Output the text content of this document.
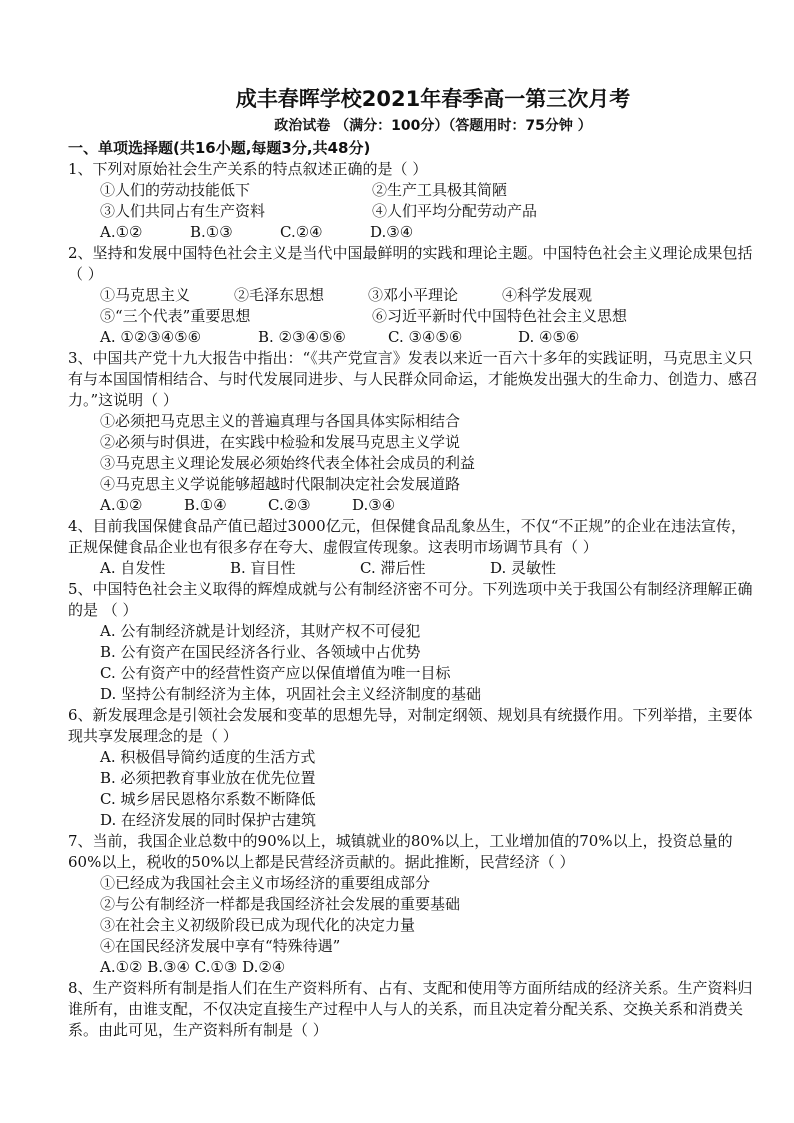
成丰春晖学校2021年春季高一第三次月考
政治试卷 （满分：100分）（答题用时：75分钟 ）
一、单项选择题(共16小题,每题3分,共48分)

1、下列对原始社会生产关系的特点叙述正确的是（ ）

①人们的劳动技能低下	②生产工具极其简陋
③人们共同占有生产资料	④人们平均分配劳动产品
A.①②	B.①③	C.②④	D.③④

2、坚持和发展中国特色社会主义是当代中国最鲜明的实践和理论主题。中国特色社会主义理论成果包括 （ ）

①马克思主义	②毛泽东思想	③邓小平理论	④科学发展观
⑤“三个代表”重要思想	⑥习近平新时代中国特色社会主义思想
A. ①②③④⑤⑥	B. ②③④⑤⑥	C. ③④⑤⑥	D. ④⑤⑥

3、中国共产党十九大报告中指出：“《共产党宣言》发表以来近一百六十多年的实践证明，马克思主义只有与本国国情相结合、与时代发展同进步、与人民群众同命运，才能焕发出强大的生命力、创造力、感召力。”这说明（ ）

①必须把马克思主义的普遍真理与各国具体实际相结合

②必须与时俱进，在实践中检验和发展马克思主义学说

③马克思主义理论发展必须始终代表全体社会成员的利益

④马克思主义学说能够超越时代限制决定社会发展道路

A.①②	B.①④	C.②③	D.③④

4、目前我国保健食品产值已超过3000亿元，但保健食品乱象丛生，不仅“不正规”的企业在违法宣传，正规保健食品企业也有很多存在夸大、虚假宣传现象。这表明市场调节具有（ ）

A. 自发性	B. 盲目性	C. 滞后性	D. 灵敏性

5、中国特色社会主义取得的辉煌成就与公有制经济密不可分。下列选项中关于我国公有制经济理解正确的是 （ ）

A. 公有制经济就是计划经济，其财产权不可侵犯

B. 公有资产在国民经济各行业、各领域中占优势

C. 公有资产中的经营性资产应以保值增值为唯一目标

D. 坚持公有制经济为主体，巩固社会主义经济制度的基础

6、新发展理念是引领社会发展和变革的思想先导，对制定纲领、规划具有统摄作用。下列举措，主要体现共享发展理念的是（ ）

A. 积极倡导简约适度的生活方式

B. 必须把教育事业放在优先位置

C. 城乡居民恩格尔系数不断降低

D. 在经济发展的同时保护古建筑

7、当前，我国企业总数中的90%以上，城镇就业的80%以上，工业增加值的70%以上，投资总量的60%以上，税收的50%以上都是民营经济贡献的。据此推断，民营经济（ ）

①已经成为我国社会主义市场经济的重要组成部分

②与公有制经济一样都是我国经济社会发展的重要基础

③在社会主义初级阶段已成为现代化的决定力量

④在国民经济发展中享有“特殊待遇”

A.①② B.③④ C.①③ D.②④

8、生产资料所有制是指人们在生产资料所有、占有、支配和使用等方面所结成的经济关系。生产资料归谁所有，由谁支配，不仅决定直接生产过程中人与人的关系，而且决定着分配关系、交换关系和消费关系。由此可见，生产资料所有制是（ ）
